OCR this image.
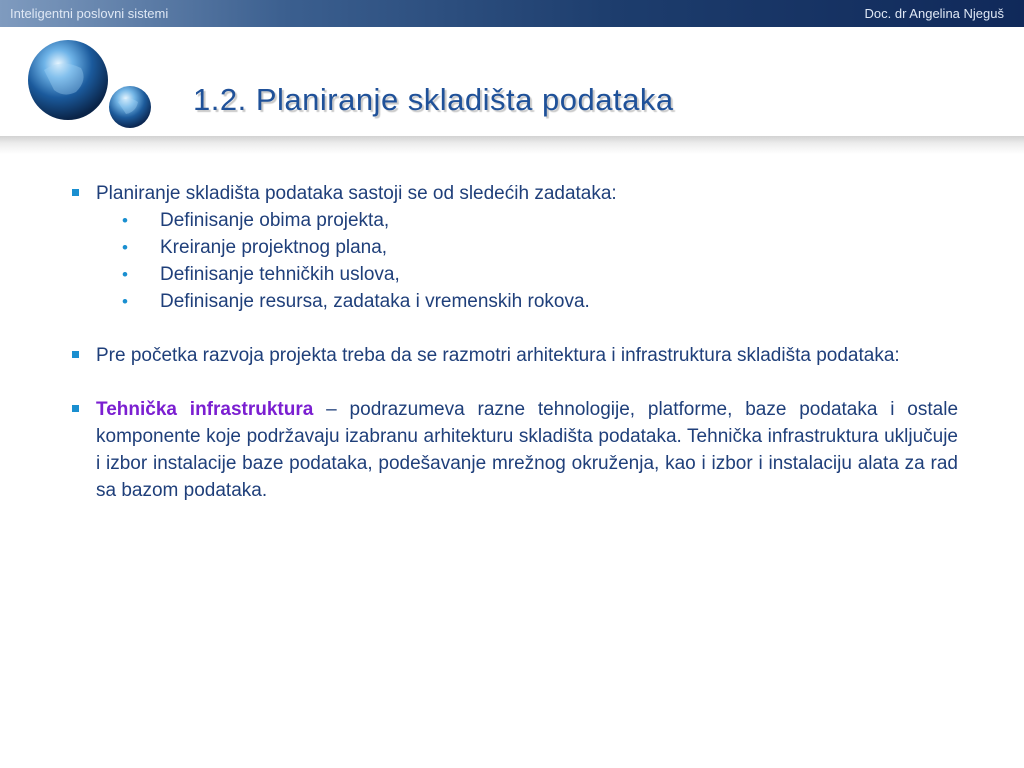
Inteligentni poslovni sistemi	Doc. dr Angelina Njeguš
1.2. Planiranje skladišta podataka
Planiranje skladišta podataka sastoji se od sledećih zadataka:
• Definisanje obima projekta,
• Kreiranje projektnog plana,
• Definisanje tehničkih uslova,
• Definisanje resursa, zadataka i vremenskih rokova.
Pre početka razvoja projekta treba da se razmotri arhitektura i infrastruktura skladišta podataka:
Tehnička infrastruktura – podrazumeva razne tehnologije, platforme, baze podataka i ostale komponente koje podržavaju izabranu arhitekturu skladišta podataka. Tehnička infrastruktura uključuje i izbor instalacije baze podataka, podešavanje mrežnog okruženja, kao i izbor i instalaciju alata za rad sa bazom podataka.
